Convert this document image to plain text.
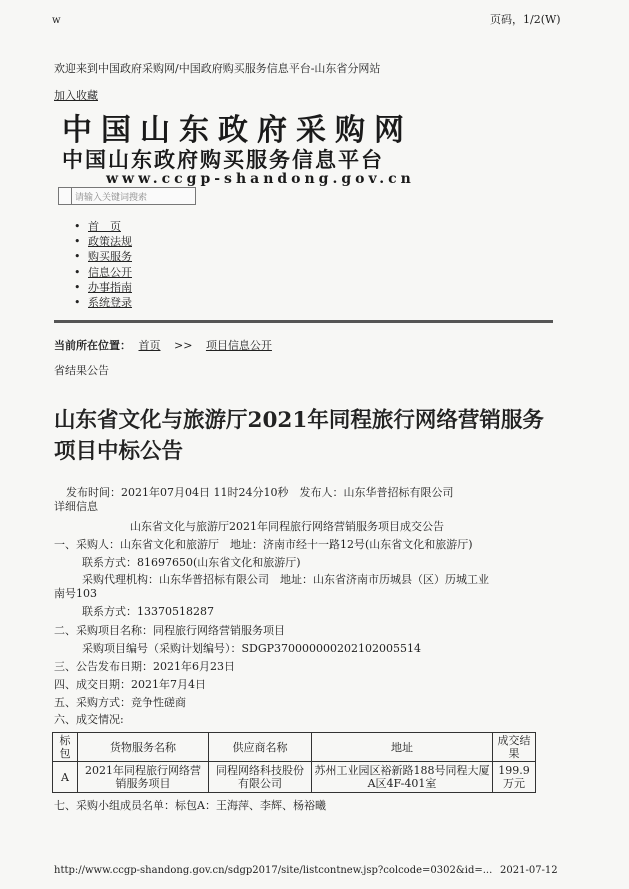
w	页码，1/2(W)
欢迎来到中国政府采购网/中国政府购买服务信息平台-山东省分网站
加入收藏
中国山东政府采购网
中国山东政府购买服务信息平台
www.ccgp-shandong.gov.cn
请输入关键词搜索
• 首　页
• 政策法规
• 购买服务
• 信息公开
• 办事指南
• 系统登录
当前所在位置： 首页 >> 项目信息公开
省结果公告
山东省文化与旅游厅2021年同程旅行网络营销服务项目中标公告
发布时间：2021年07月04日 11时24分10秒　发布人：山东华普招标有限公司
详细信息
山东省文化与旅游厅2021年同程旅行网络营销服务项目成交公告
一、采购人：山东省文化和旅游厅　地址：济南市经十一路12号(山东省文化和旅游厅)
联系方式：81697650(山东省文化和旅游厅)
采购代理机构：山东华普招标有限公司　地址：山东省济南市历城县（区）历城工业
南号103
联系方式：13370518287
二、采购项目名称：同程旅行网络营销服务项目
采购项目编号（采购计划编号）：SDGP370000000202102005514
三、公告发布日期：2021年6月23日
四、成交日期：2021年7月4日
五、采购方式：竞争性磋商
六、成交情况:
标包	货物服务名称	供应商名称	地址	成交结果
A	2021年同程旅行网络营销服务项目	同程网络科技股份有限公司	苏州工业园区裕新路188号同程大厦A区4F-401室	199.9万元
七、采购小组成员名单：标包A：王海萍、李辉、杨裕曦
http://www.ccgp-shandong.gov.cn/sdgp2017/site/listcontnew.jsp?colcode=0302&id=... 2021-07-12
